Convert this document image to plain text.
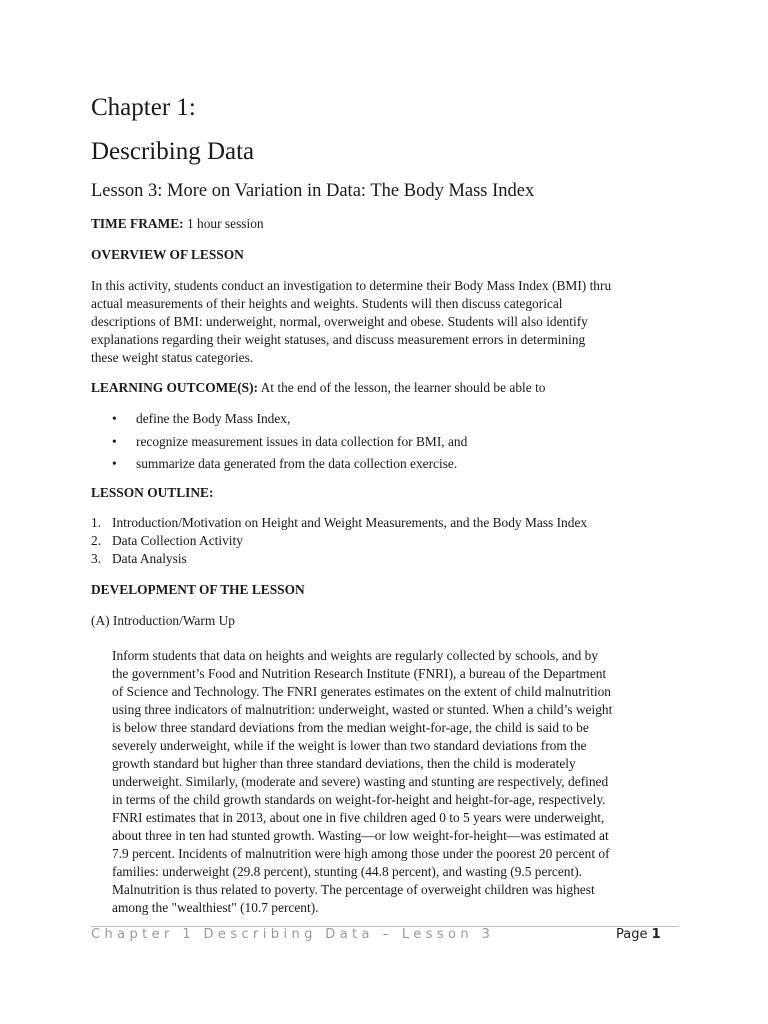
Chapter 1:
Describing Data
Lesson 3: More on Variation in Data: The Body Mass Index
TIME FRAME: 1 hour session
OVERVIEW OF LESSON

In this activity, students conduct an investigation to determine their Body Mass Index (BMI) thru
actual measurements of their heights and weights. Students will then discuss categorical
descriptions of BMI: underweight, normal, overweight and obese. Students will also identify
explanations regarding their weight statuses, and discuss measurement errors in determining
these weight status categories.

LEARNING OUTCOME(S): At the end of the lesson, the learner should be able to
• define the Body Mass Index,
• recognize measurement issues in data collection for BMI, and
• summarize data generated from the data collection exercise.
LESSON OUTLINE:
1. Introduction/Motivation on Height and Weight Measurements, and the Body Mass Index
2. Data Collection Activity
3. Data Analysis
DEVELOPMENT OF THE LESSON
(A) Introduction/Warm Up

Inform students that data on heights and weights are regularly collected by schools, and by
the government’s Food and Nutrition Research Institute (FNRI), a bureau of the Department
of Science and Technology. The FNRI generates estimates on the extent of child malnutrition
using three indicators of malnutrition: underweight, wasted or stunted. When a child’s weight
is below three standard deviations from the median weight-for-age, the child is said to be
severely underweight, while if the weight is lower than two standard deviations from the
growth standard but higher than three standard deviations, then the child is moderately
underweight. Similarly, (moderate and severe) wasting and stunting are respectively, defined
in terms of the child growth standards on weight-for-height and height-for-age, respectively.
FNRI estimates that in 2013, about one in five children aged 0 to 5 years were underweight,
about three in ten had stunted growth. Wasting—or low weight-for-height—was estimated at
7.9 percent. Incidents of malnutrition were high among those under the poorest 20 percent of
families: underweight (29.8 percent), stunting (44.8 percent), and wasting (9.5 percent).
Malnutrition is thus related to poverty. The percentage of overweight children was highest
among the "wealthiest" (10.7 percent).

Chapter 1 Describing Data – Lesson 3	Page 1
